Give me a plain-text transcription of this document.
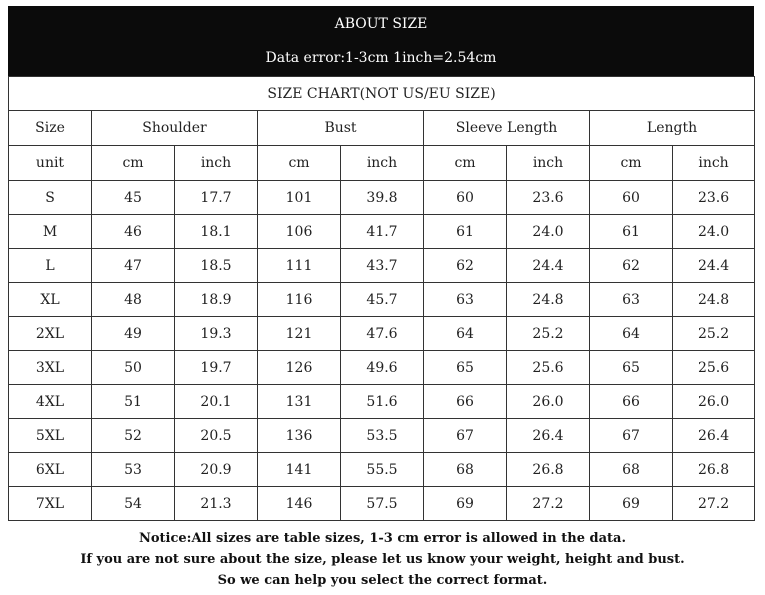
ABOUT SIZE
Data error:1-3cm 1inch=2.54cm
SIZE CHART(NOT US/EU SIZE)								
Size	Shoulder		Bust		Sleeve Length		Length	
unit	cm	inch	cm	inch	cm	inch	cm	inch
S	45	17.7	101	39.8	60	23.6	60	23.6
M	46	18.1	106	41.7	61	24.0	61	24.0
L	47	18.5	111	43.7	62	24.4	62	24.4
XL	48	18.9	116	45.7	63	24.8	63	24.8
2XL	49	19.3	121	47.6	64	25.2	64	25.2
3XL	50	19.7	126	49.6	65	25.6	65	25.6
4XL	51	20.1	131	51.6	66	26.0	66	26.0
5XL	52	20.5	136	53.5	67	26.4	67	26.4
6XL	53	20.9	141	55.5	68	26.8	68	26.8
7XL	54	21.3	146	57.5	69	27.2	69	27.2
Notice:All sizes are table sizes, 1-3 cm error is allowed in the data.
If you are not sure about the size, please let us know your weight, height and bust.
So we can help you select the correct format.
